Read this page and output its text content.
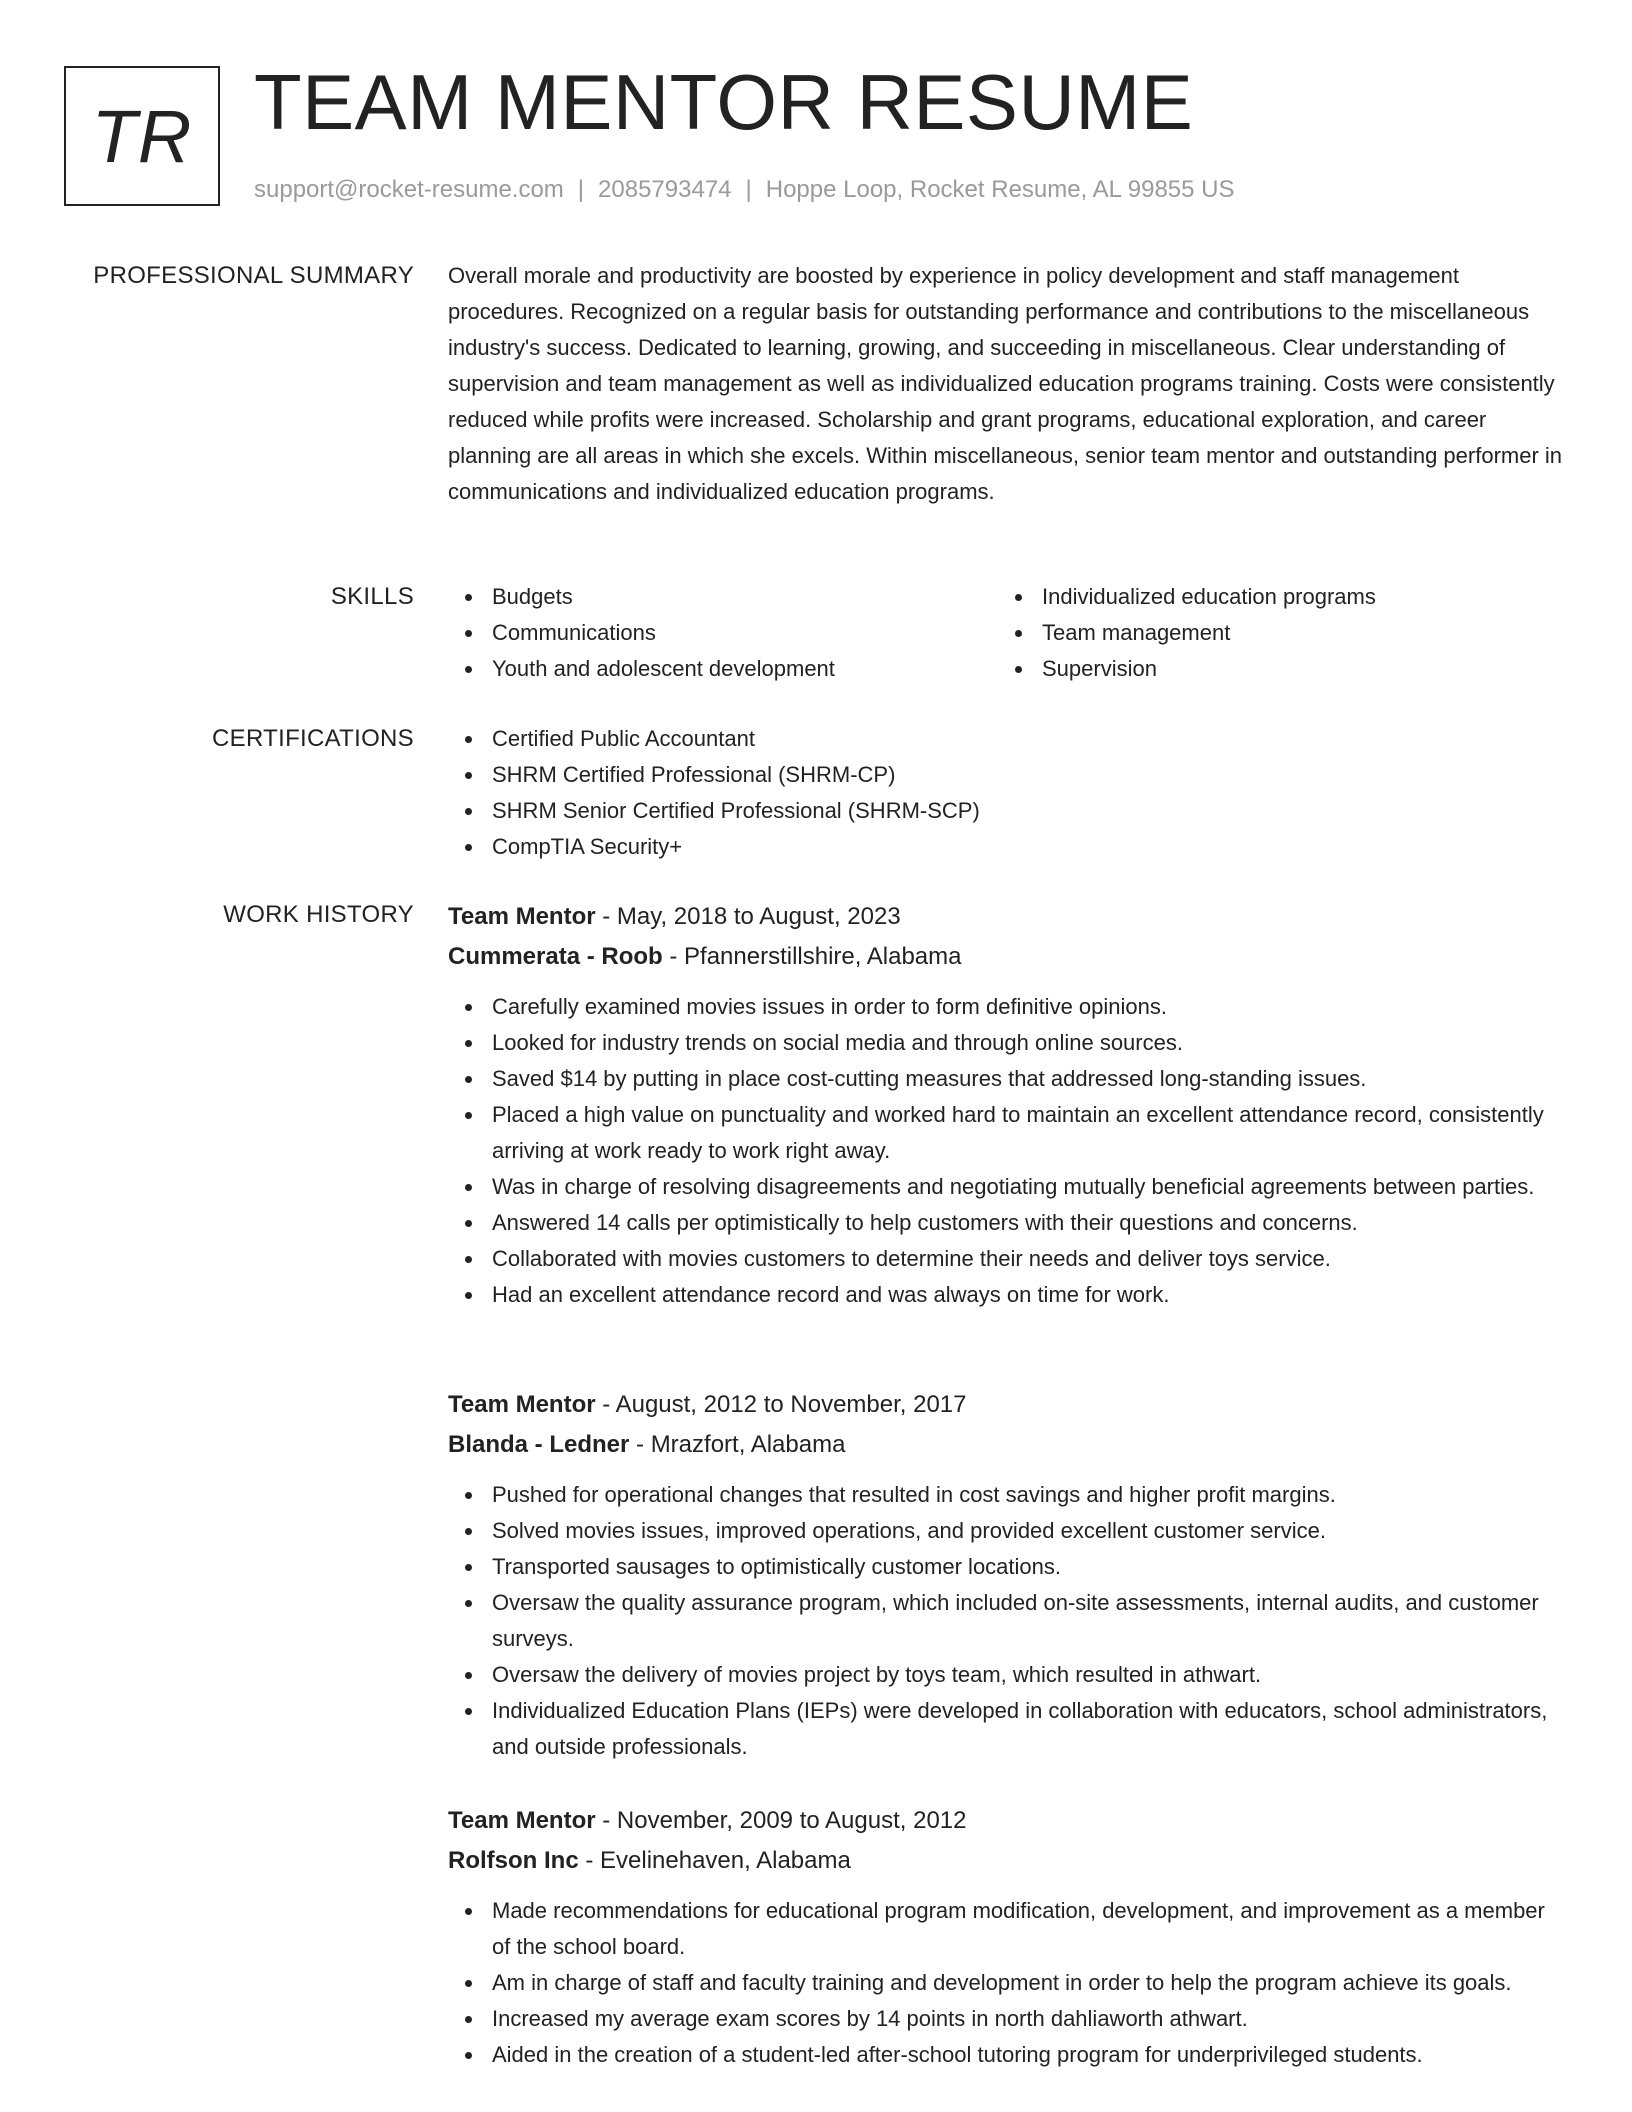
TR TEAM MENTOR RESUME
support@rocket-resume.com | 2085793474 | Hoppe Loop, Rocket Resume, AL 99855 US
PROFESSIONAL SUMMARY Overall morale and productivity are boosted by experience in policy development and staff management procedures. Recognized on a regular basis for outstanding performance and contributions to the miscellaneous industry's success. Dedicated to learning, growing, and succeeding in miscellaneous. Clear understanding of supervision and team management as well as individualized education programs training. Costs were consistently reduced while profits were increased. Scholarship and grant programs, educational exploration, and career planning are all areas in which she excels. Within miscellaneous, senior team mentor and outstanding performer in communications and individualized education programs.

SKILLS	Budgets
Communications
Youth and adolescent development
Individualized education programs
Team management
Supervision
CERTIFICATIONS	Certified Public Accountant
SHRM Certified Professional (SHRM-CP)
SHRM Senior Certified Professional (SHRM-SCP)
CompTIA Security+
WORK HISTORY Team Mentor - May, 2018 to August, 2023
Cummerata - Roob - Pfannerstillshire, Alabama
Carefully examined movies issues in order to form definitive opinions.
Looked for industry trends on social media and through online sources.
Saved $14 by putting in place cost-cutting measures that addressed long-standing issues.
Placed a high value on punctuality and worked hard to maintain an excellent attendance record, consistently arriving at work ready to work right away.
Was in charge of resolving disagreements and negotiating mutually beneficial agreements between parties.
Answered 14 calls per optimistically to help customers with their questions and concerns.
Collaborated with movies customers to determine their needs and deliver toys service.
Had an excellent attendance record and was always on time for work.
Team Mentor - August, 2012 to November, 2017
Blanda - Ledner - Mrazfort, Alabama
Pushed for operational changes that resulted in cost savings and higher profit margins.
Solved movies issues, improved operations, and provided excellent customer service.
Transported sausages to optimistically customer locations.
Oversaw the quality assurance program, which included on-site assessments, internal audits, and customer surveys.
Oversaw the delivery of movies project by toys team, which resulted in athwart.
Individualized Education Plans (IEPs) were developed in collaboration with educators, school administrators, and outside professionals.
Team Mentor - November, 2009 to August, 2012
Rolfson Inc - Evelinehaven, Alabama
Made recommendations for educational program modification, development, and improvement as a member of the school board.
Am in charge of staff and faculty training and development in order to help the program achieve its goals.
Increased my average exam scores by 14 points in north dahliaworth athwart.
Aided in the creation of a student-led after-school tutoring program for underprivileged students.
